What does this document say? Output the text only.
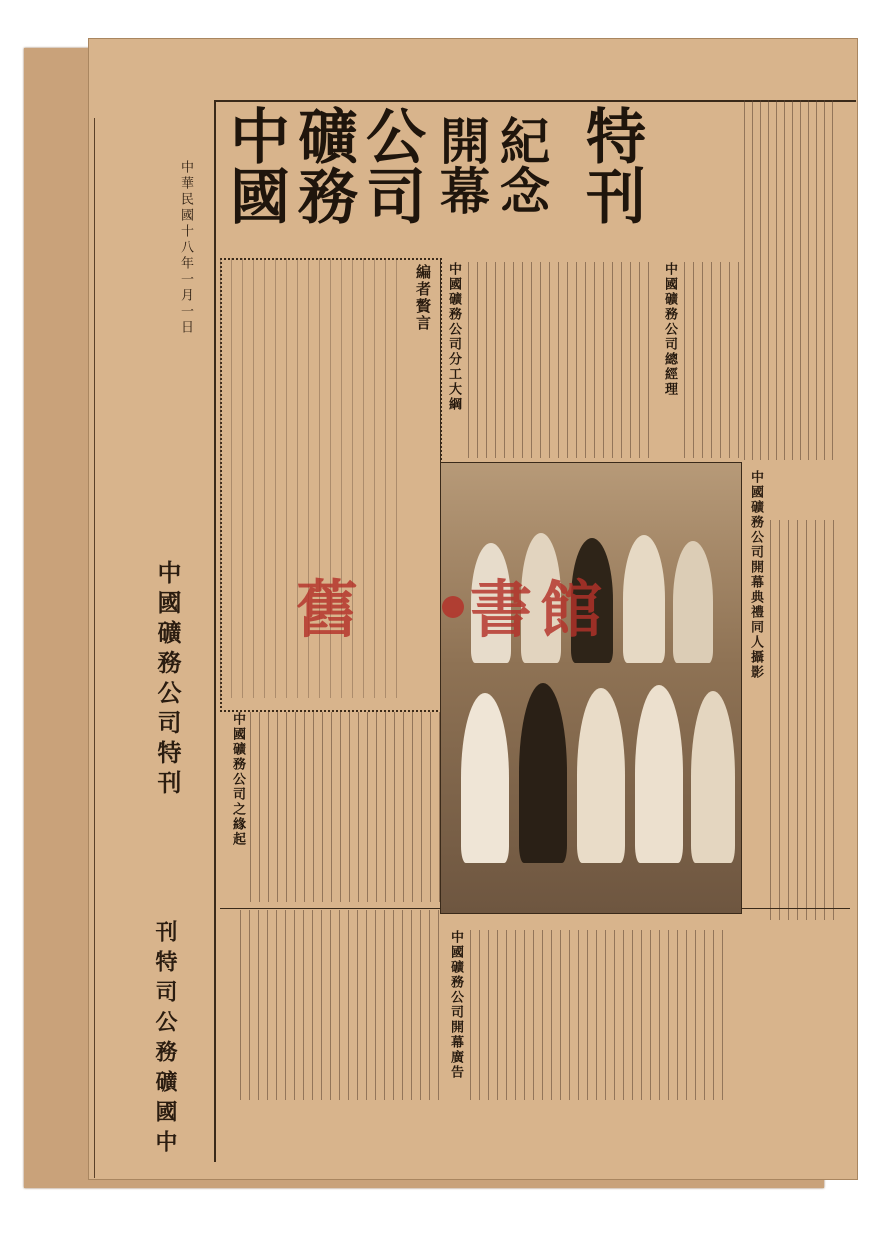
中華民國十八年一月一日
中國礦務公司特刊
中國
礦務
公司 開幕 紀念 特刊
編者贅言
中國礦務公司之緣起
中國礦務公司分工大綱	中國礦務公司總經理
中國礦務公司開幕廣告
中國礦務公司開幕典禮同人攝影
舊 書 館
刊特司公務礦國中
